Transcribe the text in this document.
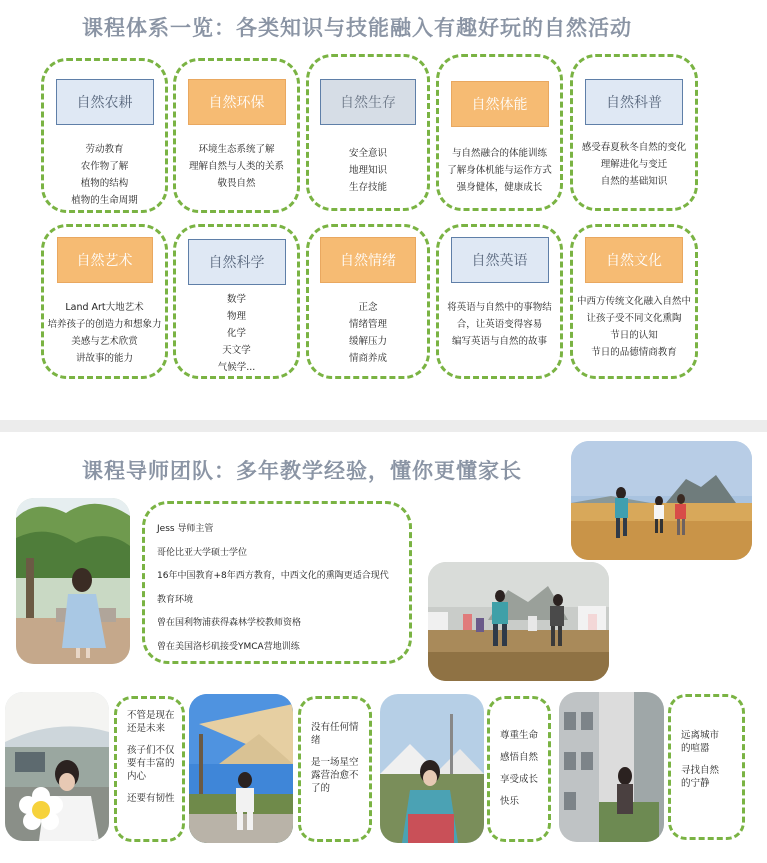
课程体系一览：各类知识与技能融入有趣好玩的自然活动
自然农耕
劳动教育
农作物了解
植物的结构
植物的生命周期
自然环保
环境生态系统了解
理解自然与人类的关系
敬畏自然
自然生存
安全意识
地理知识
生存技能
自然体能
与自然融合的体能训练
了解身体机能与运作方式
强身健体，健康成长
自然科普
感受春夏秋冬自然的变化
理解进化与变迁
自然的基础知识
自然艺术
Land Art大地艺术
培养孩子的创造力和想象力
美感与艺术欣赏
讲故事的能力
自然科学
数学
物理
化学
天文学
气候学...
自然情绪
正念
情绪管理
缓解压力
情商养成
自然英语
将英语与自然中的事物结
合，让英语变得容易
编写英语与自然的故事
自然文化
中西方传统文化融入自然中
让孩子受不同文化熏陶
节日的认知
节日的品德情商教育
课程导师团队：多年教学经验，懂你更懂家长
Jess 导师主管
哥伦比亚大学硕士学位
16年中国教育+8年西方教育，中西文化的熏陶更适合现代
教育环境
曾在国利物浦获得森林学校教师资格
曾在美国洛杉矶接受YMCA营地训练
不管是现在
还是未来
孩子们不仅
要有丰富的
内心
还要有韧性
没有任何情
绪
是一场星空
露营治愈不
了的
尊重生命
感悟自然
享受成长
快乐
远离城市
的喧嚣
寻找自然
的宁静
